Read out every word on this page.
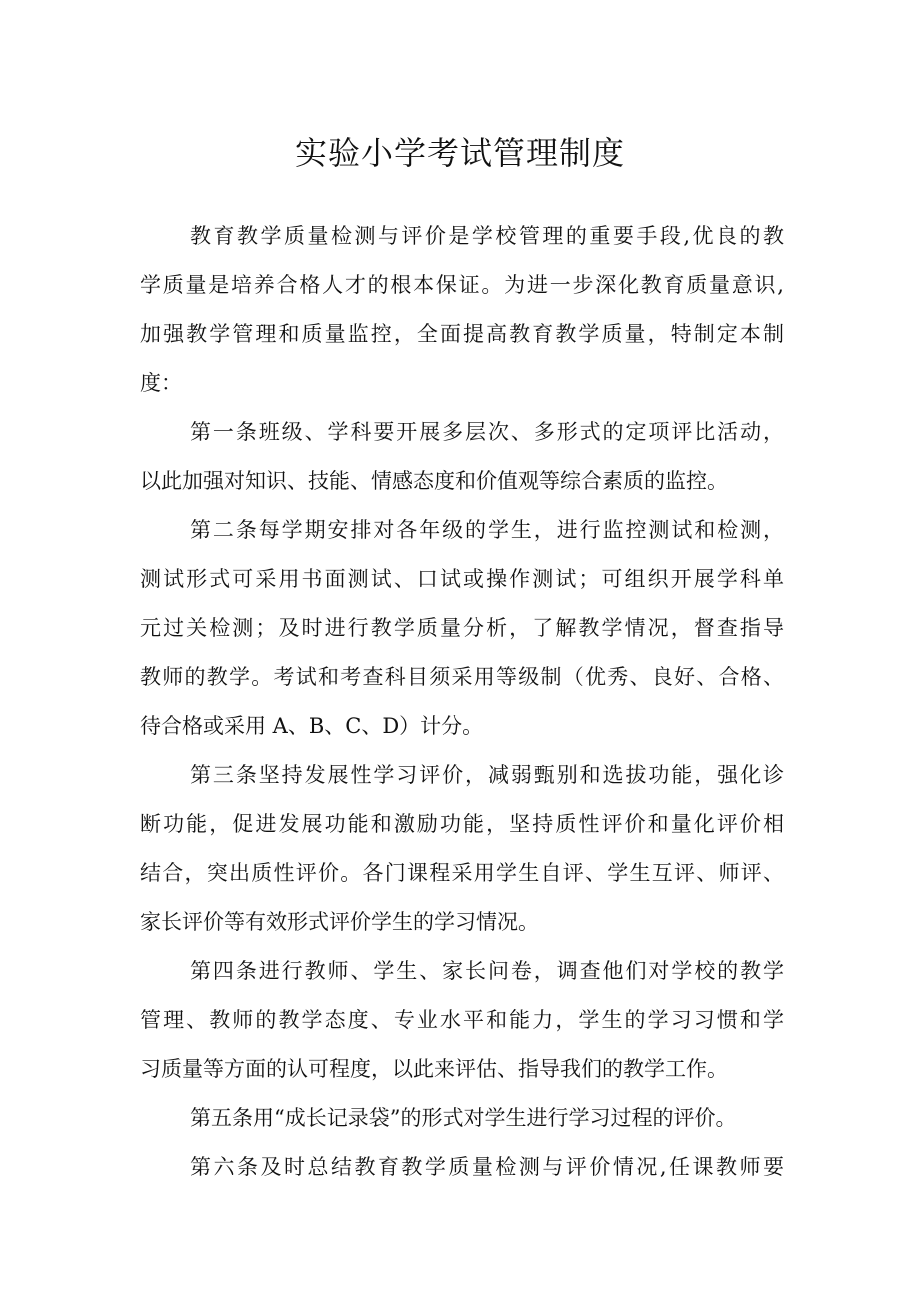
实验小学考试管理制度
教育教学质量检测与评价是学校管理的重要手段,优良的教
学质量是培养合格人才的根本保证。为进一步深化教育质量意识,
加强教学管理和质量监控，全面提高教育教学质量，特制定本制
度：
第一条班级、学科要开展多层次、多形式的定项评比活动，
以此加强对知识、技能、情感态度和价值观等综合素质的监控。
第二条每学期安排对各年级的学生，进行监控测试和检测，
测试形式可采用书面测试、口试或操作测试；可组织开展学科单
元过关检测；及时进行教学质量分析，了解教学情况，督查指导
教师的教学。考试和考查科目须采用等级制（优秀、良好、合格、
待合格或采用 A、B、C、D）计分。
第三条坚持发展性学习评价，减弱甄别和选拔功能，强化诊
断功能，促进发展功能和激励功能，坚持质性评价和量化评价相
结合，突出质性评价。各门课程采用学生自评、学生互评、师评、
家长评价等有效形式评价学生的学习情况。
第四条进行教师、学生、家长问卷，调查他们对学校的教学
管理、教师的教学态度、专业水平和能力，学生的学习习惯和学
习质量等方面的认可程度，以此来评估、指导我们的教学工作。
第五条用“成长记录袋”的形式对学生进行学习过程的评价。
第六条及时总结教育教学质量检测与评价情况,任课教师要
